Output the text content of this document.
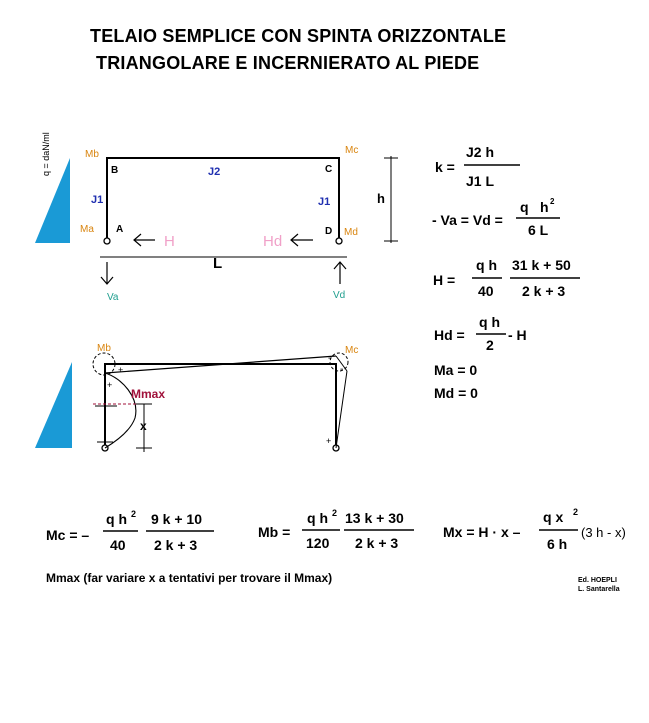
TELAIO SEMPLICE CON SPINTA ORIZZONTALE
TRIANGOLARE E INCERNIERATO AL PIEDE
q = daN/ml	Mb	Mc
Ma	Md
B	C
A	D
J1	J1
J2
h
H	Hd
L
Va	Vd
Mb	Mc
+
+
+
-
-
Mmax
x
k =
J2 h
J1 L
- Va = Vd =
q h 2
6 L
H =
q h
40
31 k + 50
2 k + 3
Hd =
q h
2
- H
Ma = 0
Md = 0
Mc = –
q h 2
40
9 k + 10
2 k + 3
Mb =
q h 2
120
13 k + 30
2 k + 3
Mx = H · x –
q x 2
6 h
(3 h - x)
Mmax (far variare x a tentativi per trovare il Mmax)	Ed. HOEPLI
L. Santarella
